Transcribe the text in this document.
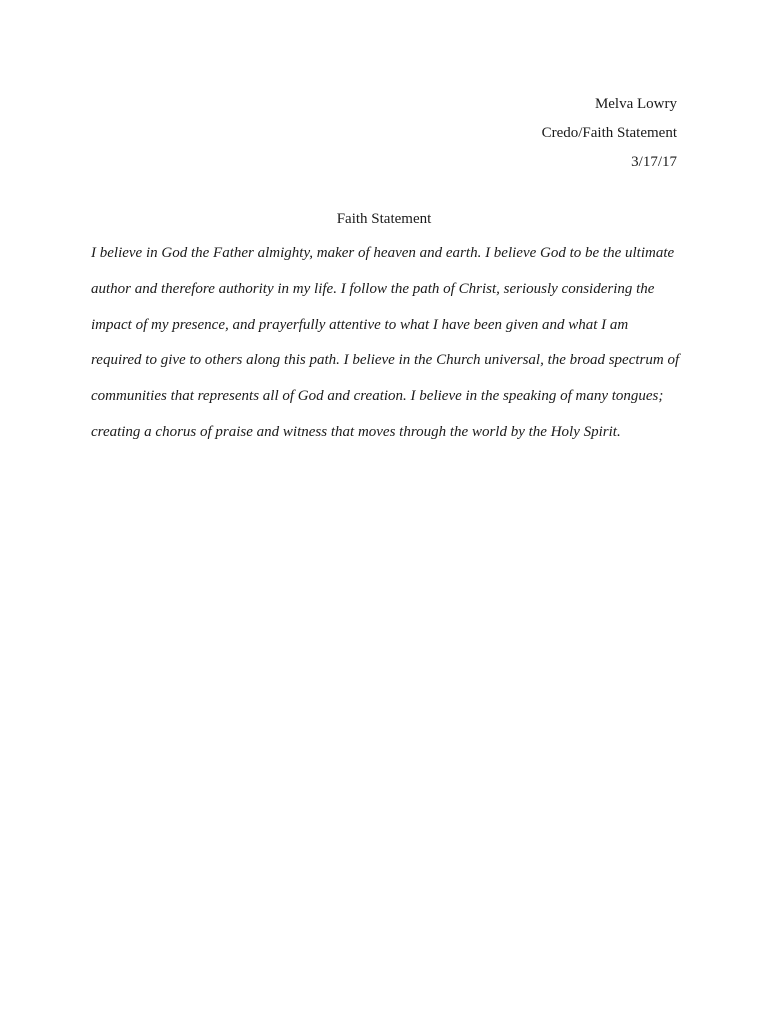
Melva Lowry
Credo/Faith Statement
3/17/17
Faith Statement

I believe in God the Father almighty, maker of heaven and earth. I believe God to be the ultimate author and therefore authority in my life. I follow the path of Christ, seriously considering the impact of my presence, and prayerfully attentive to what I have been given and what I am required to give to others along this path. I believe in the Church universal, the broad spectrum of communities that represents all of God and creation. I believe in the speaking of many tongues; creating a chorus of praise and witness that moves through the world by the Holy Spirit.
